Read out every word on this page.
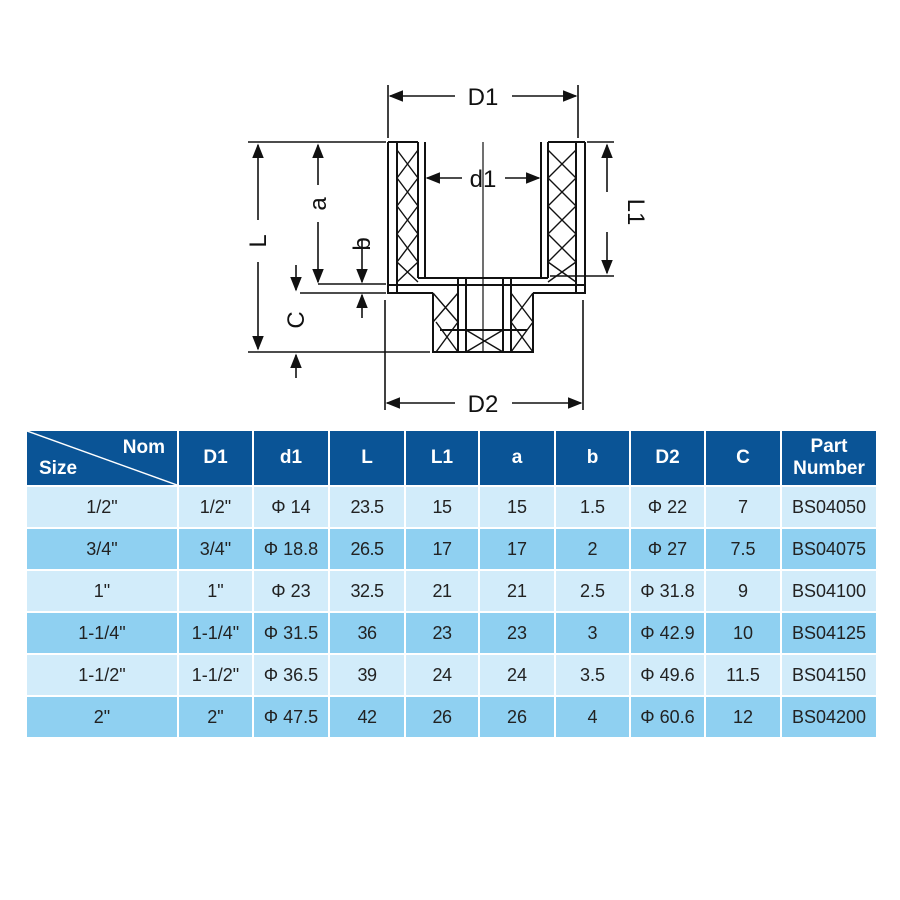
D1
d1
D2
L
a
b
C
L1
Nom
Size	D1	d1	L	L1	a	b	D2	C	Part
Number
1/2"	1/2"	Φ 14	23.5	15	15	1.5	Φ 22	7	BS04050
3/4"	3/4"	Φ 18.8	26.5	17	17	2	Φ 27	7.5	BS04075
1"	1"	Φ 23	32.5	21	21	2.5	Φ 31.8	9	BS04100
1-1/4"	1-1/4"	Φ 31.5	36	23	23	3	Φ 42.9	10	BS04125
1-1/2"	1-1/2"	Φ 36.5	39	24	24	3.5	Φ 49.6	11.5	BS04150
2"	2"	Φ 47.5	42	26	26	4	Φ 60.6	12	BS04200
